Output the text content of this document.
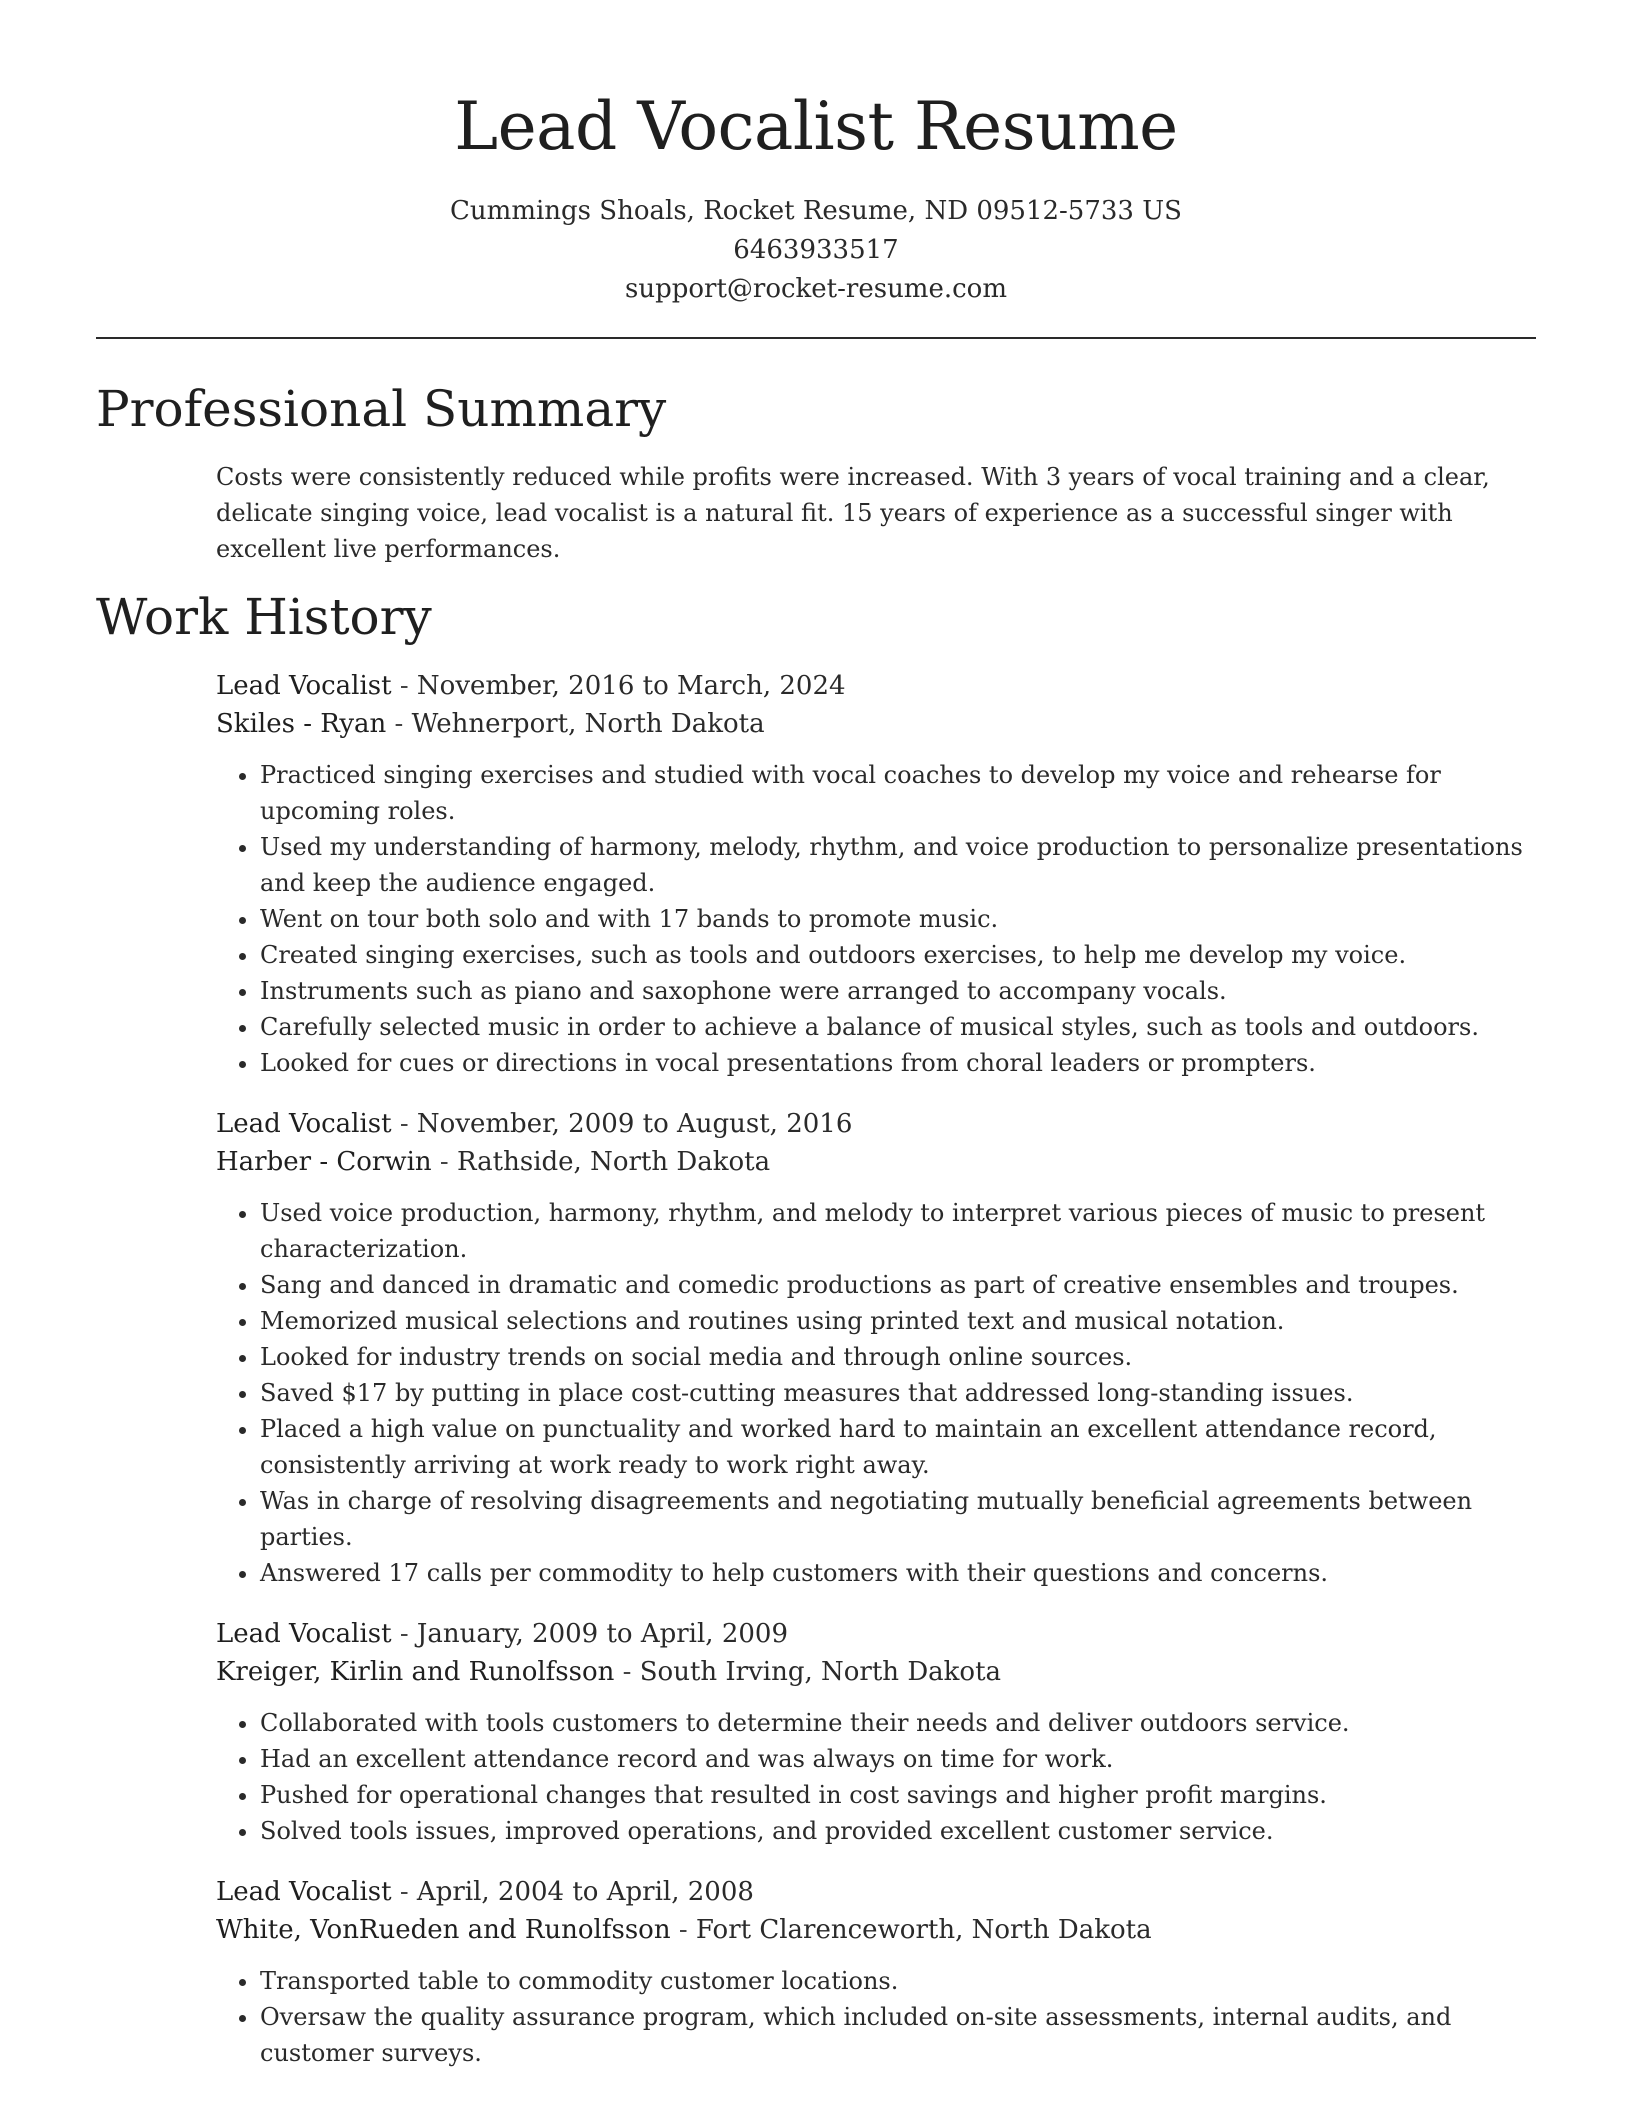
Lead Vocalist Resume
Cummings Shoals, Rocket Resume, ND 09512-5733 US
6463933517
support@rocket-resume.com
Professional Summary

Costs were consistently reduced while profits were increased. With 3 years of vocal training and a clear, delicate singing voice, lead vocalist is a natural fit. 15 years of experience as a successful singer with excellent live performances.

Work History
Lead Vocalist - November, 2016 to March, 2024
Skiles - Ryan - Wehnerport, North Dakota
• Practiced singing exercises and studied with vocal coaches to develop my voice and rehearse for upcoming roles.
• Used my understanding of harmony, melody, rhythm, and voice production to personalize presentations and keep the audience engaged.
• Went on tour both solo and with 17 bands to promote music.
• Created singing exercises, such as tools and outdoors exercises, to help me develop my voice.
• Instruments such as piano and saxophone were arranged to accompany vocals.
• Carefully selected music in order to achieve a balance of musical styles, such as tools and outdoors.
• Looked for cues or directions in vocal presentations from choral leaders or prompters.
Lead Vocalist - November, 2009 to August, 2016
Harber - Corwin - Rathside, North Dakota
• Used voice production, harmony, rhythm, and melody to interpret various pieces of music to present characterization.
• Sang and danced in dramatic and comedic productions as part of creative ensembles and troupes.
• Memorized musical selections and routines using printed text and musical notation.
• Looked for industry trends on social media and through online sources.
• Saved $17 by putting in place cost-cutting measures that addressed long-standing issues.
• Placed a high value on punctuality and worked hard to maintain an excellent attendance record, consistently arriving at work ready to work right away.
• Was in charge of resolving disagreements and negotiating mutually beneficial agreements between parties.
• Answered 17 calls per commodity to help customers with their questions and concerns.
Lead Vocalist - January, 2009 to April, 2009
Kreiger, Kirlin and Runolfsson - South Irving, North Dakota
• Collaborated with tools customers to determine their needs and deliver outdoors service.
• Had an excellent attendance record and was always on time for work.
• Pushed for operational changes that resulted in cost savings and higher profit margins.
• Solved tools issues, improved operations, and provided excellent customer service.
Lead Vocalist - April, 2004 to April, 2008
White, VonRueden and Runolfsson - Fort Clarenceworth, North Dakota
• Transported table to commodity customer locations.
• Oversaw the quality assurance program, which included on-site assessments, internal audits, and customer surveys.
